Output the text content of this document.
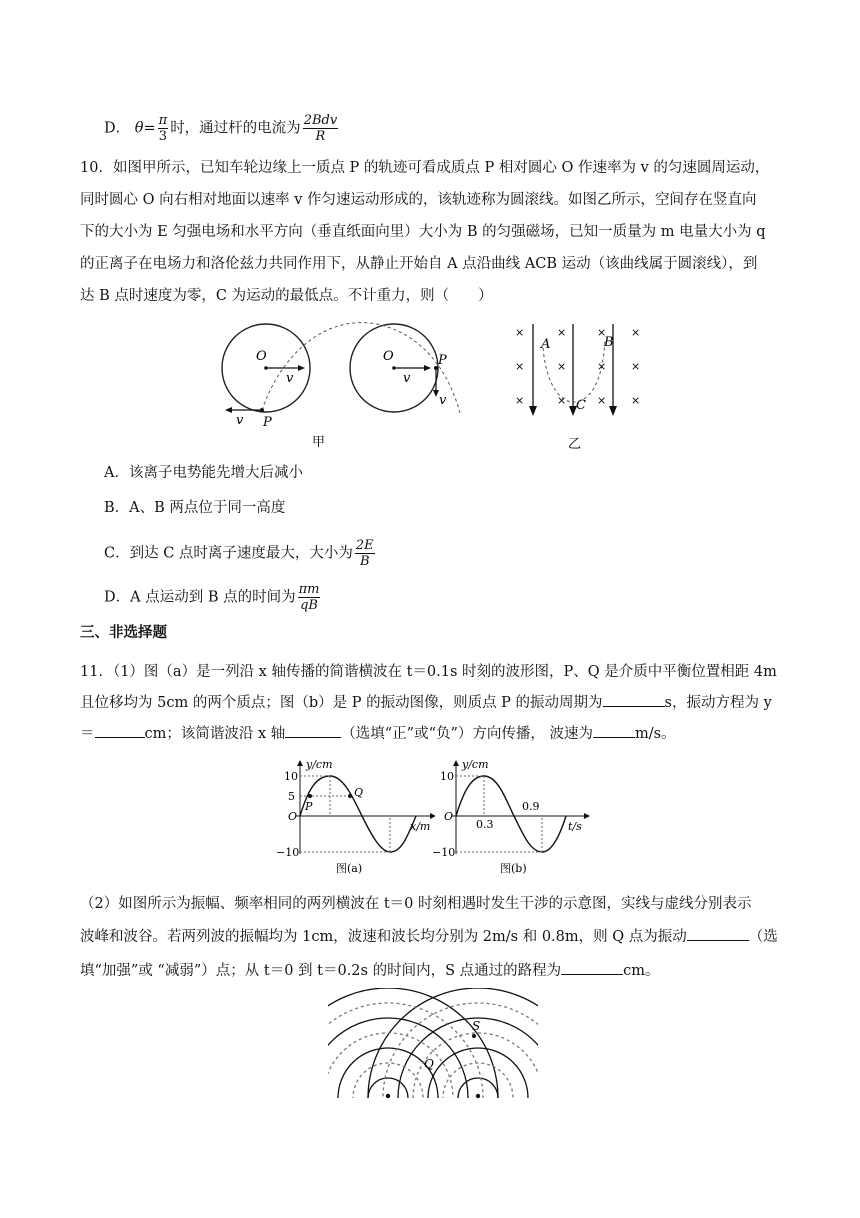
D． $\theta= \frac{\pi}{3}$ 时，通过杆的电流为 $\frac{\text{2Bdv}}{R}$
10．如图甲所示，已知车轮边缘上一质点 P 的轨迹可看成质点 P 相对圆心 O 作速率为 v 的匀速圆周运动，
同时圆心 O 向右相对地面以速率 v 作匀速运动形成的，该轨迹称为圆滚线。如图乙所示，空间存在竖直向
下的大小为 E 匀强电场和水平方向（垂直纸面向里）大小为 B 的匀强磁场，已知一质量为 m 电量大小为 q
的正离子在电场力和洛伦兹力共同作用下，从静止开始自 A 点沿曲线 ACB 运动（该曲线属于圆滚线），到
达 B 点时速度为零，C 为运动的最低点。不计重力，则（　　）
O
v
v P
O
v
P
v
甲
×	×	× ×
×	×	× ×
×	×	× ×
A	B
C
乙
A．该离子电势能先增大后减小
B．A、B 两点位于同一高度
C．到达 C 点时离子速度最大，大小为 $\frac{2E}{B}$
D．A 点运动到 B 点的时间为 $\frac{\pi m}{qB}$
三、非选择题
11．（1）图（a）是一列沿 x 轴传播的简谐横波在 t＝0.1s 时刻的波形图，P、Q 是介质中平衡位置相距 4m
且位移均为 5cm 的两个质点；图（b）是 P 的振动图像，则质点 P 的振动周期为	s，振动方程为 y
＝	cm；该简谐波沿 x 轴	（选填“正”或“负”）方向传播， 波速为	m/s。
10
5
O
−10
y/cm
x/m
P
Q
图(a)
10
O
−10
y/cm
t/s
0.3
0.9
图(b)
（2）如图所示为振幅、频率相同的两列横波在 t＝0 时刻相遇时发生干涉的示意图，实线与虚线分别表示
波峰和波谷。若两列波的振幅均为 1cm，波速和波长均分别为 2m/s 和 0.8m，则 Q 点为振动	（选
填“加强”或 “减弱”）点；从 t＝0 到 t＝0.2s 的时间内，S 点通过的路程为	cm。
S
Q
